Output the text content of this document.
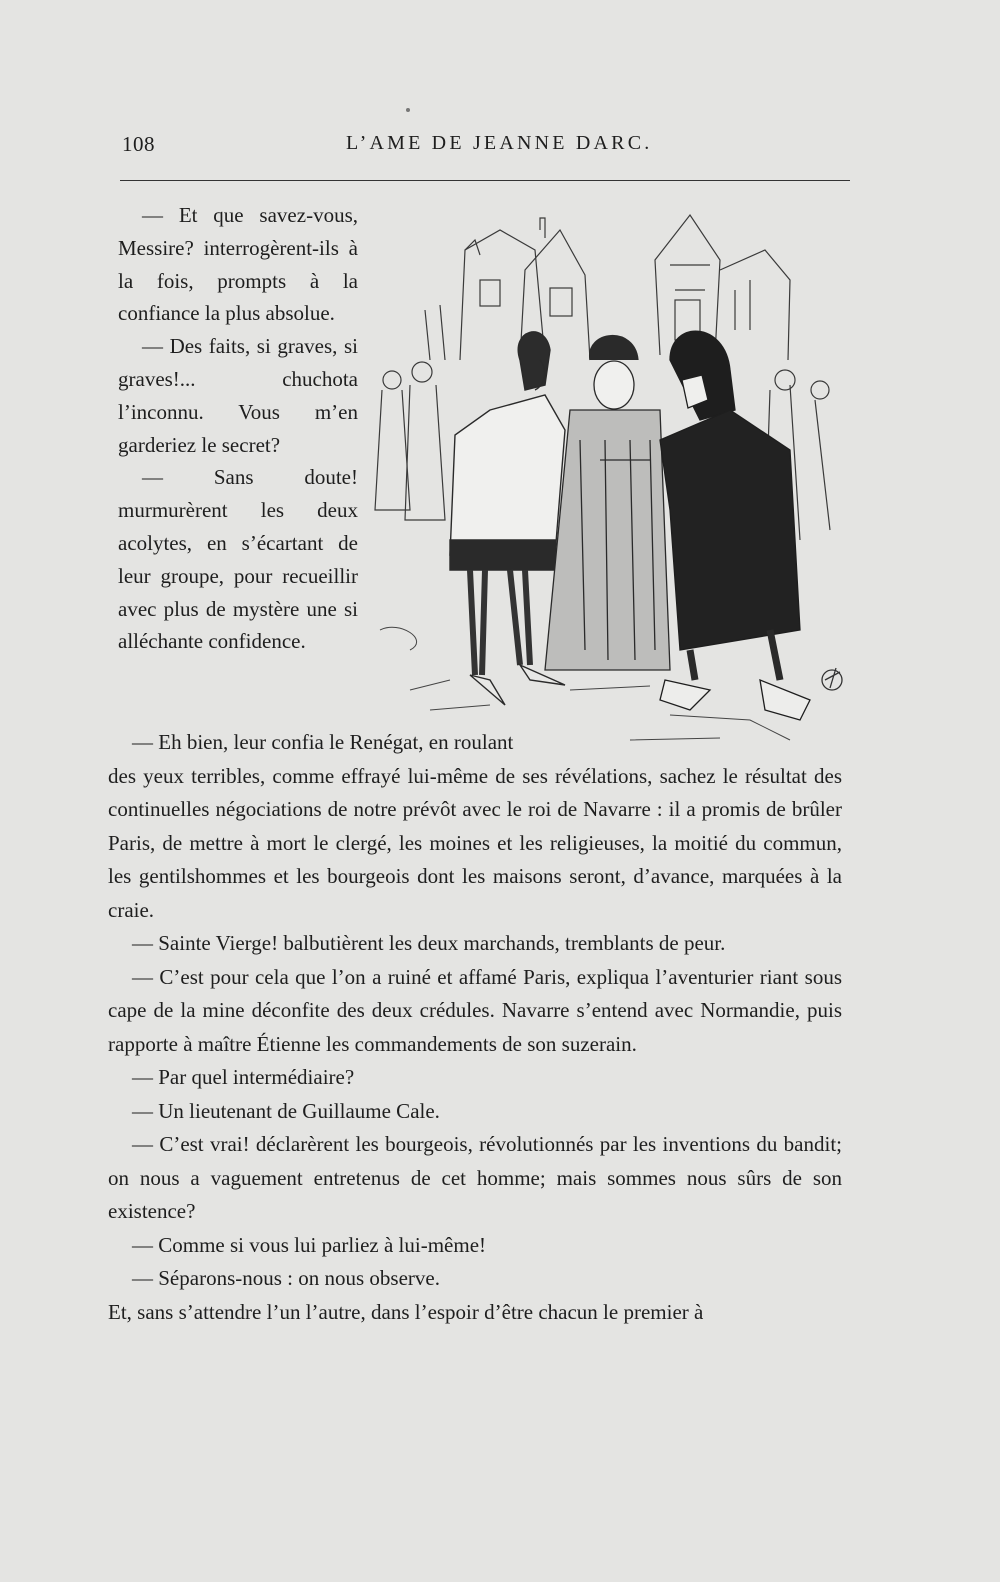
108	L’AME DE JEANNE DARC.

— Et que savez-vous, Messire? interrogèrent-ils à la fois, prompts à la confiance la plus absolue.

— Des faits, si graves, si graves!... chuchota l’inconnu. Vous m’en garderiez le secret?

— Sans doute! murmurèrent les deux acolytes, en s’écartant de leur groupe, pour recueillir avec plus de mystère une si alléchante confidence.

— Eh bien, leur confia le Renégat, en roulant

des yeux terribles, comme effrayé lui-même de ses révélations, sachez le résultat des continuelles négociations de notre prévôt avec le roi de Navarre : il a promis de brûler Paris, de mettre à mort le clergé, les moines et les religieuses, la moitié du commun, les gentilshommes et les bourgeois dont les maisons seront, d’avance, marquées à la craie.

— Sainte Vierge! balbutièrent les deux marchands, tremblants de peur.

— C’est pour cela que l’on a ruiné et affamé Paris, expliqua l’aventurier riant sous cape de la mine déconfite des deux crédules. Navarre s’entend avec Normandie, puis rapporte à maître Étienne les commandements de son suzerain.

— Par quel intermédiaire?

— Un lieutenant de Guillaume Cale.

— C’est vrai! déclarèrent les bourgeois, révolutionnés par les inventions du bandit; on nous a vaguement entretenus de cet homme; mais sommes nous sûrs de son existence?

— Comme si vous lui parliez à lui-même!

— Séparons-nous : on nous observe.

Et, sans s’attendre l’un l’autre, dans l’espoir d’être chacun le premier à
